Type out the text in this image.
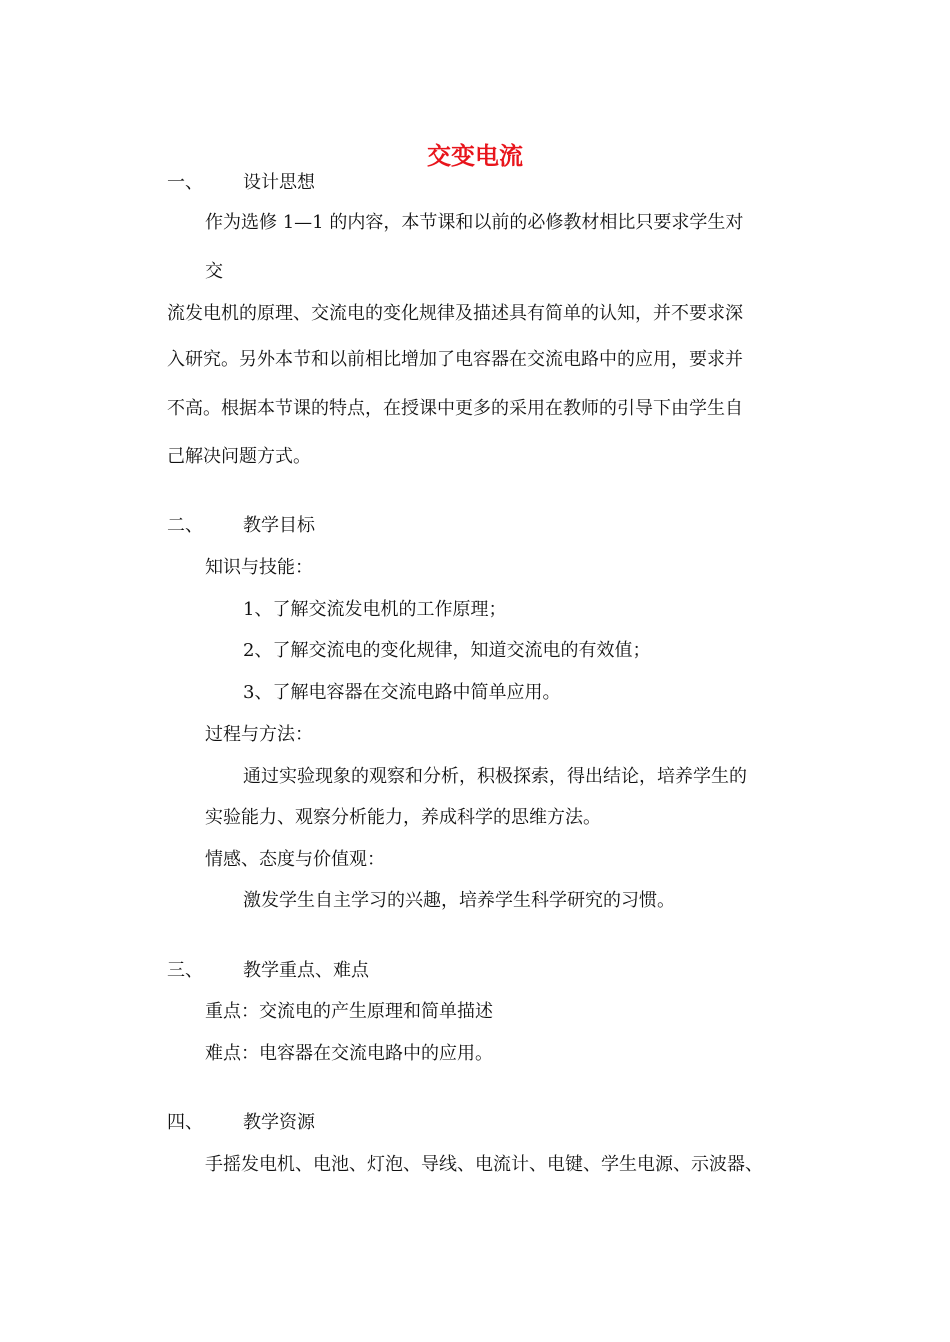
交变电流
一、 设计思想
作为选修 1—1 的内容，本节课和以前的必修教材相比只要求学生对
交
流发电机的原理、交流电的变化规律及描述具有简单的认知，并不要求深
入研究。另外本节和以前相比增加了电容器在交流电路中的应用，要求并
不高。根据本节课的特点，在授课中更多的采用在教师的引导下由学生自
己解决问题方式。
二、 教学目标
知识与技能：
1、了解交流发电机的工作原理；
2、了解交流电的变化规律，知道交流电的有效值；
3、了解电容器在交流电路中简单应用。
过程与方法：
通过实验现象的观察和分析，积极探索，得出结论，培养学生的
实验能力、观察分析能力，养成科学的思维方法。
情感、态度与价值观：
激发学生自主学习的兴趣，培养学生科学研究的习惯。
三、 教学重点、难点
重点：交流电的产生原理和简单描述
难点：电容器在交流电路中的应用。
四、 教学资源
手摇发电机、电池、灯泡、导线、电流计、电键、学生电源、示波器、
